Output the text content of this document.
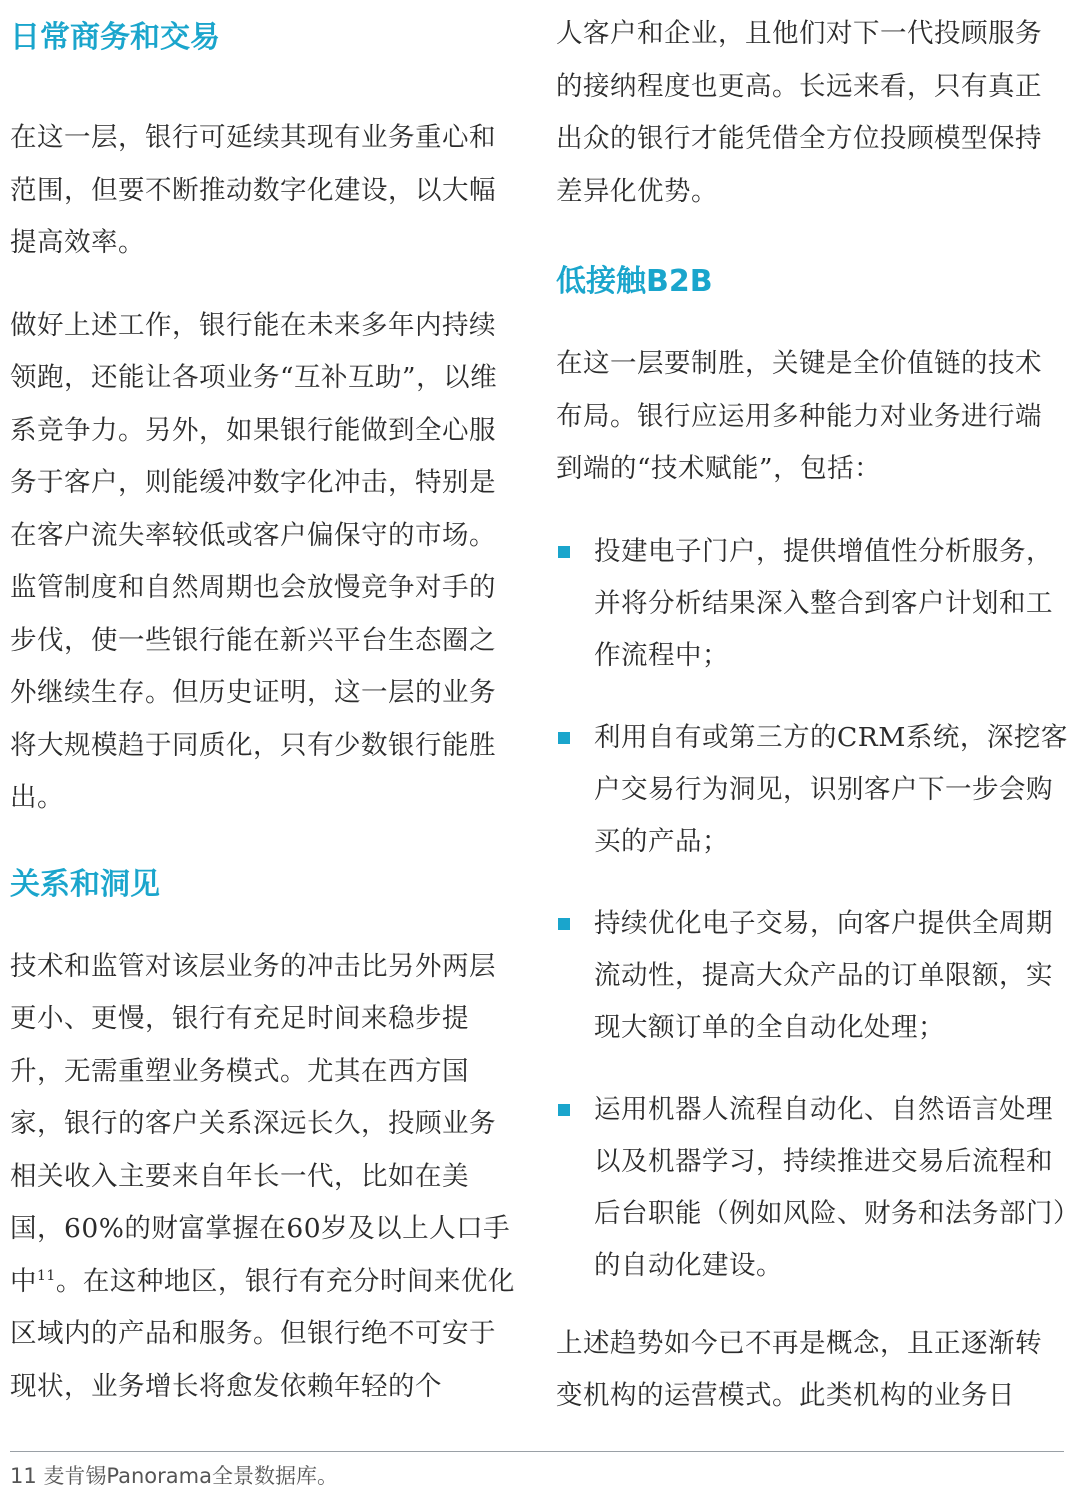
日常商务和交易

在这一层，银行可延续其现有业务重心和范围，但要不断推动数字化建设，以大幅提高效率。

做好上述工作，银行能在未来多年内持续领跑，还能让各项业务“互补互助”，以维系竞争力。另外，如果银行能做到全心服务于客户，则能缓冲数字化冲击，特别是在客户流失率较低或客户偏保守的市场。监管制度和自然周期也会放慢竞争对手的步伐，使一些银行能在新兴平台生态圈之外继续生存。但历史证明，这一层的业务将大规模趋于同质化，只有少数银行能胜出。

关系和洞见

技术和监管对该层业务的冲击比另外两层更小、更慢，银行有充足时间来稳步提升，无需重塑业务模式。尤其在西方国家，银行的客户关系深远长久，投顾业务相关收入主要来自年长一代，比如在美国，60%的财富掌握在60岁及以上人口手中$^{11}$。在这种地区，银行有充分时间来优化区域内的产品和服务。但银行绝不可安于现状，业务增长将愈发依赖年轻的个

人客户和企业，且他们对下一代投顾服务的接纳程度也更高。长远来看，只有真正出众的银行才能凭借全方位投顾模型保持差异化优势。

低接触B2B

在这一层要制胜，关键是全价值链的技术布局。银行应运用多种能力对业务进行端到端的“技术赋能”，包括：

投建电子门户，提供增值性分析服务，并将分析结果深入整合到客户计划和工作流程中；
利用自有或第三方的CRM系统，深挖客户交易行为洞见，识别客户下一步会购买的产品；
持续优化电子交易，向客户提供全周期流动性，提高大众产品的订单限额，实现大额订单的全自动化处理；
运用机器人流程自动化、自然语言处理以及机器学习，持续推进交易后流程和后台职能（例如风险、财务和法务部门）的自动化建设。

上述趋势如今已不再是概念，且正逐渐转变机构的运营模式。此类机构的业务日

11 麦肯锡Panorama全景数据库。
